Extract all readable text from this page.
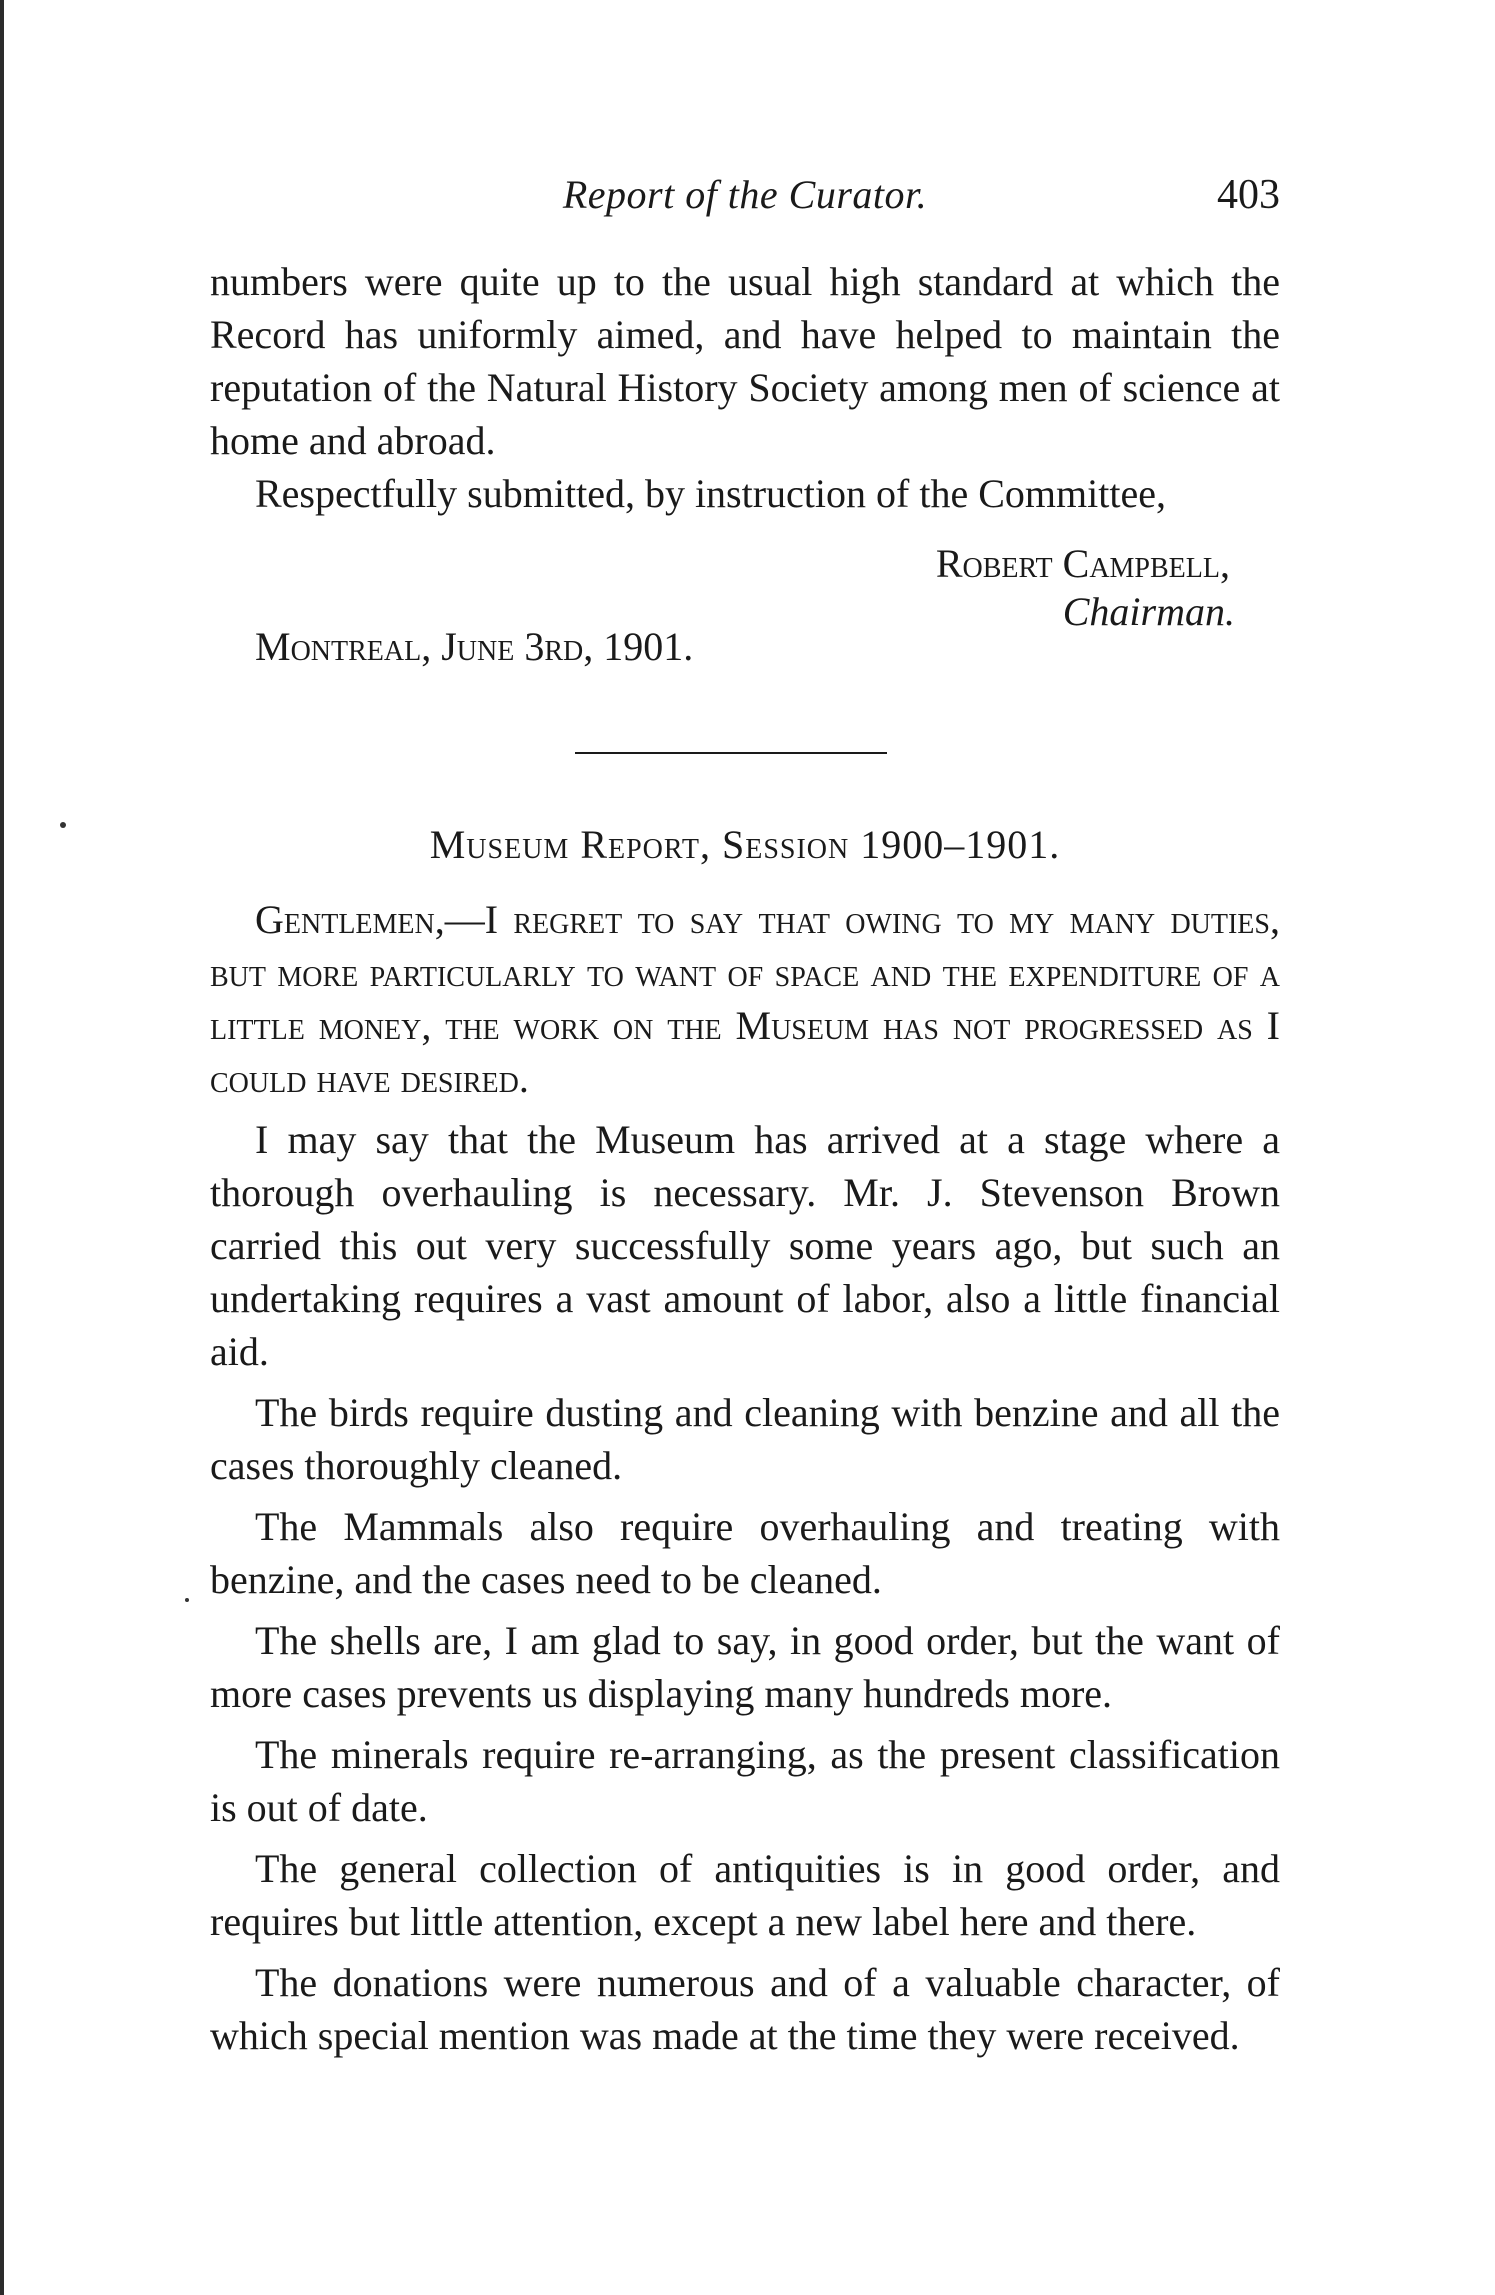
Report of the Curator.	403

numbers were quite up to the usual high standard at which the Record has uniformly aimed, and have helped to maintain the reputation of the Natural History Society among men of science at home and abroad.

Respectfully submitted, by instruction of the Committee,

Robert Campbell,
Chairman.
Montreal, June 3rd, 1901.
Museum Report, Session 1900–1901.

Gentlemen,—I regret to say that owing to my many duties, but more particularly to want of space and the expenditure of a little money, the work on the Museum has not progressed as I could have desired.

I may say that the Museum has arrived at a stage where a thorough overhauling is necessary. Mr. J. Stevenson Brown carried this out very successfully some years ago, but such an undertaking requires a vast amount of labor, also a little financial aid.

The birds require dusting and cleaning with benzine and all the cases thoroughly cleaned.

The Mammals also require overhauling and treating with benzine, and the cases need to be cleaned.

The shells are, I am glad to say, in good order, but the want of more cases prevents us displaying many hundreds more.

The minerals require re-arranging, as the present classification is out of date.

The general collection of antiquities is in good order, and requires but little attention, except a new label here and there.

The donations were numerous and of a valuable character, of which special mention was made at the time they were received.
